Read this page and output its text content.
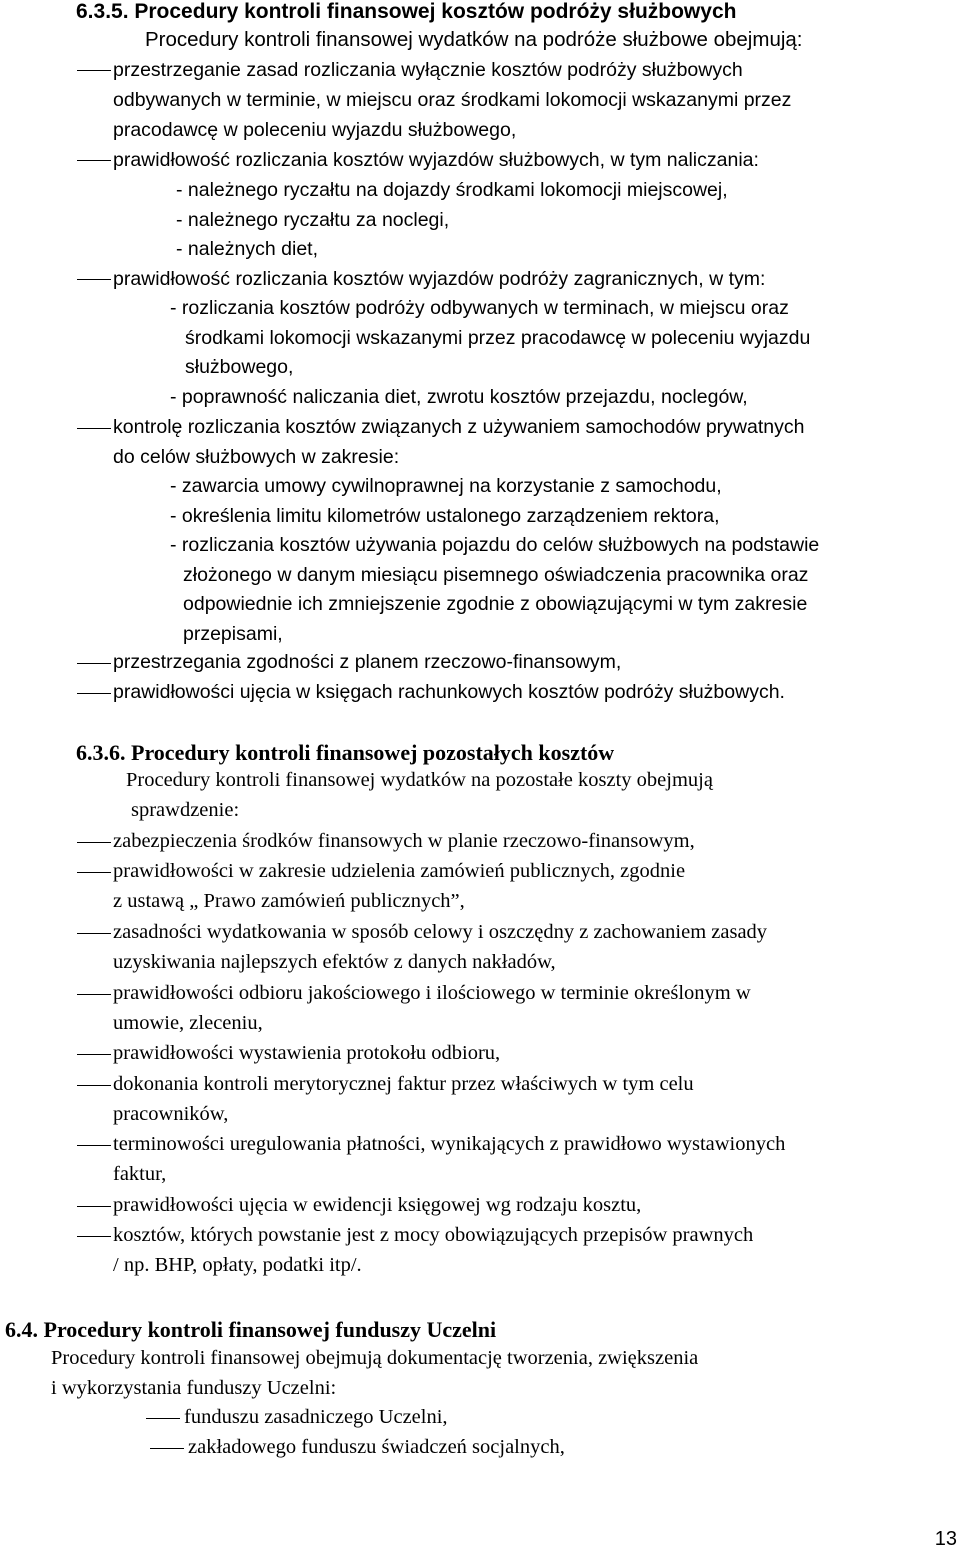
6.3.5. Procedury kontroli finansowej kosztów podróży służbowych
Procedury kontroli finansowej wydatków na podróże służbowe obejmują:
przestrzeganie zasad rozliczania wyłącznie kosztów podróży służbowych
odbywanych w terminie, w miejscu oraz środkami lokomocji wskazanymi przez
pracodawcę w poleceniu wyjazdu służbowego,
prawidłowość rozliczania kosztów wyjazdów służbowych, w tym naliczania:
- należnego ryczałtu na dojazdy środkami lokomocji miejscowej,
- należnego ryczałtu za noclegi,
- należnych diet,
prawidłowość rozliczania kosztów wyjazdów podróży zagranicznych, w tym:
- rozliczania kosztów podróży odbywanych w terminach, w miejscu oraz
środkami lokomocji wskazanymi przez pracodawcę w poleceniu wyjazdu
służbowego,
- poprawność naliczania diet, zwrotu kosztów przejazdu, noclegów,
kontrolę rozliczania kosztów związanych z używaniem samochodów prywatnych
do celów służbowych w zakresie:
- zawarcia umowy cywilnoprawnej na korzystanie z samochodu,
- określenia limitu kilometrów ustalonego zarządzeniem rektora,
- rozliczania kosztów używania pojazdu do celów służbowych na podstawie
złożonego w danym miesiącu pisemnego oświadczenia pracownika oraz
odpowiednie ich zmniejszenie zgodnie z obowiązującymi w tym zakresie
przepisami,
przestrzegania zgodności z planem rzeczowo-finansowym,
prawidłowości ujęcia w księgach rachunkowych kosztów podróży służbowych.
6.3.6. Procedury kontroli finansowej pozostałych kosztów
Procedury kontroli finansowej wydatków na pozostałe koszty obejmują
sprawdzenie:
zabezpieczenia środków finansowych w planie rzeczowo-finansowym,
prawidłowości w zakresie udzielenia zamówień publicznych, zgodnie
z ustawą „ Prawo zamówień publicznych”,
zasadności wydatkowania w sposób celowy i oszczędny z zachowaniem zasady
uzyskiwania najlepszych efektów z danych nakładów,
prawidłowości odbioru jakościowego i ilościowego w terminie określonym w
umowie, zleceniu,
prawidłowości wystawienia protokołu odbioru,
dokonania kontroli merytorycznej faktur przez właściwych w tym celu
pracowników,
terminowości uregulowania płatności, wynikających z prawidłowo wystawionych
faktur,
prawidłowości ujęcia w ewidencji księgowej wg rodzaju kosztu,
kosztów, których powstanie jest z mocy obowiązujących przepisów prawnych
/ np. BHP, opłaty, podatki itp/.
6.4. Procedury kontroli finansowej funduszy Uczelni
Procedury kontroli finansowej obejmują dokumentację tworzenia, zwiększenia
i wykorzystania funduszy Uczelni:
funduszu zasadniczego Uczelni,
zakładowego funduszu świadczeń socjalnych,
13
